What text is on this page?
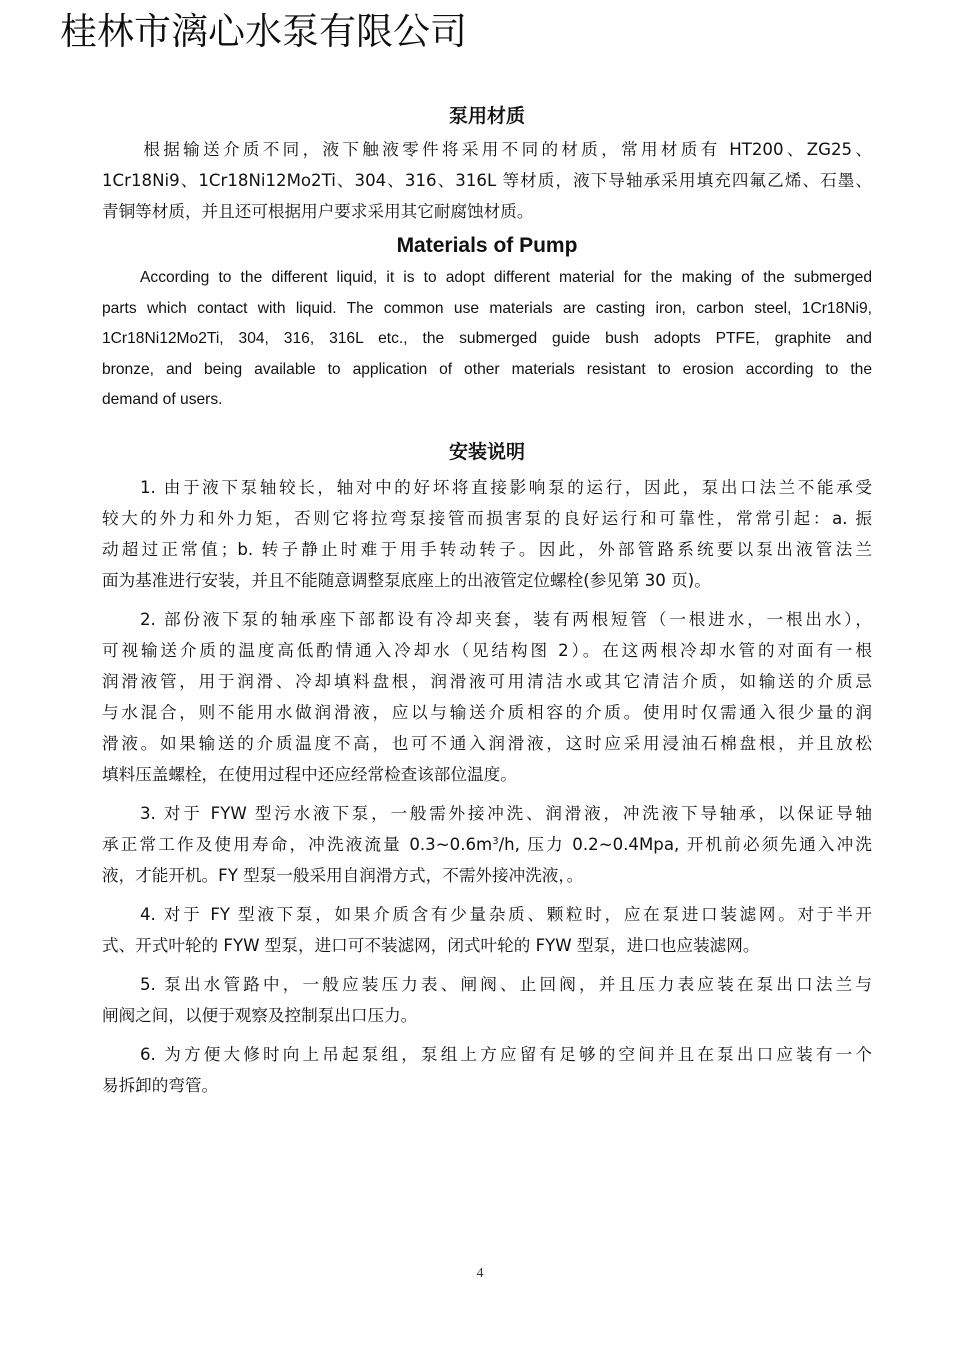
桂林市漓心水泵有限公司
泵用材质
根据输送介质不同，液下触液零件将采用不同的材质，常用材质有 HT200、ZG25、
1Cr18Ni9、1Cr18Ni12Mo2Ti、304、316、316L 等材质，液下导轴承采用填充四氟乙烯、石墨、
青铜等材质，并且还可根据用户要求采用其它耐腐蚀材质。
Materials of Pump
According to the different liquid, it is to adopt different material for the making of the submerged
parts which contact with liquid. The common use materials are casting iron, carbon steel, 1Cr18Ni9,
1Cr18Ni12Mo2Ti, 304, 316, 316L etc., the submerged guide bush adopts PTFE, graphite and
bronze, and being available to application of other materials resistant to erosion according to the
demand of users.
安装说明
1. 由于液下泵轴较长，轴对中的好坏将直接影响泵的运行，因此，泵出口法兰不能承受
较大的外力和外力矩，否则它将拉弯泵接管而损害泵的良好运行和可靠性，常常引起：a. 振
动超过正常值；b. 转子静止时难于用手转动转子。因此，外部管路系统要以泵出液管法兰
面为基准进行安装，并且不能随意调整泵底座上的出液管定位螺栓(参见第 30 页)。
2. 部份液下泵的轴承座下部都设有冷却夹套，装有两根短管（一根进水，一根出水），
可视输送介质的温度高低酌情通入冷却水（见结构图 2）。在这两根冷却水管的对面有一根
润滑液管，用于润滑、冷却填料盘根，润滑液可用清洁水或其它清洁介质，如输送的介质忌
与水混合，则不能用水做润滑液，应以与输送介质相容的介质。使用时仅需通入很少量的润
滑液。如果输送的介质温度不高，也可不通入润滑液，这时应采用浸油石棉盘根，并且放松
填料压盖螺栓，在使用过程中还应经常检查该部位温度。
3. 对于 FYW 型污水液下泵，一般需外接冲洗、润滑液，冲洗液下导轴承，以保证导轴
承正常工作及使用寿命，冲洗液流量 $0.3\sim 0.6m^3/h$, 压力 0.2~0.4Mpa, 开机前必须先通入冲洗
液，才能开机。FY 型泵一般采用自润滑方式，不需外接冲洗液，。
4. 对于 FY 型液下泵，如果介质含有少量杂质、颗粒时，应在泵进口装滤网。对于半开
式、开式叶轮的 FYW 型泵，进口可不装滤网，闭式叶轮的 FYW 型泵，进口也应装滤网。
5. 泵出水管路中，一般应装压力表、闸阀、止回阀，并且压力表应装在泵出口法兰与
闸阀之间，以便于观察及控制泵出口压力。
6. 为方便大修时向上吊起泵组，泵组上方应留有足够的空间并且在泵出口应装有一个
易拆卸的弯管。
4
